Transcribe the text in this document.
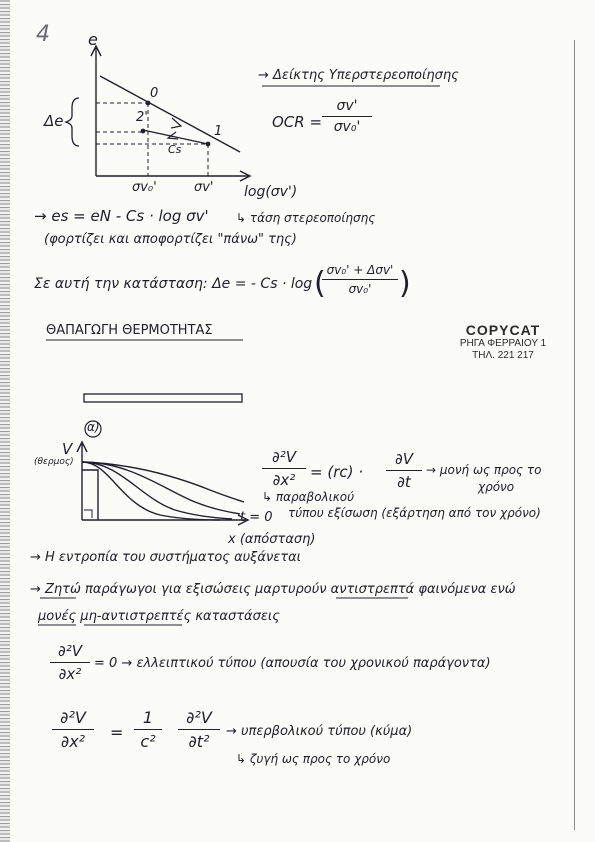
4 e
log(σv')
0
1
2'
Δe
Cs
σv₀'	σv'
→ Δείκτης Υπερστερεοποίησης
OCR =
σv'
σv₀'
→ es = eN - Cs · log σv' ↳ τάση στερεοποίησης
(φορτίζει και αποφορτίζει "πάνω" της)
Σε αυτή την κατάσταση: Δe = - Cs · log
σv₀' + Δσv'
σv₀'
( )
ΘΑΠΑΓΩΓΗ ΘΕΡΜΟΤΗΤΑΣ	COPYCAT
ΡΗΓΑ ΦΕΡΡΑΙΟΥ 1
ΤΗΛ. 221 217
α)
V
(θερμος)
x (απόσταση)
t = 0
∂²V
∂x² = (rc) ·
∂V
∂t
→ μονή ως προς το
χρόνο
↳ παραβολικού
τύπου εξίσωση (εξάρτηση από τον χρόνο)
→ Η εντροπία του συστήματος αυξάνεται
→ Ζητώ παράγωγοι για εξισώσεις μαρτυρούν αντιστρεπτά φαινόμενα ενώ
μονές μη-αντιστρεπτές καταστάσεις
∂²V
∂x²
= 0 → ελλειπτικού τύπου (απουσία του χρονικού παράγοντα)
∂²V
∂x²	=
1
c²
∂²V
∂t²
→ υπερβολικού τύπου (κύμα)
↳ ζυγή ως προς το χρόνο
